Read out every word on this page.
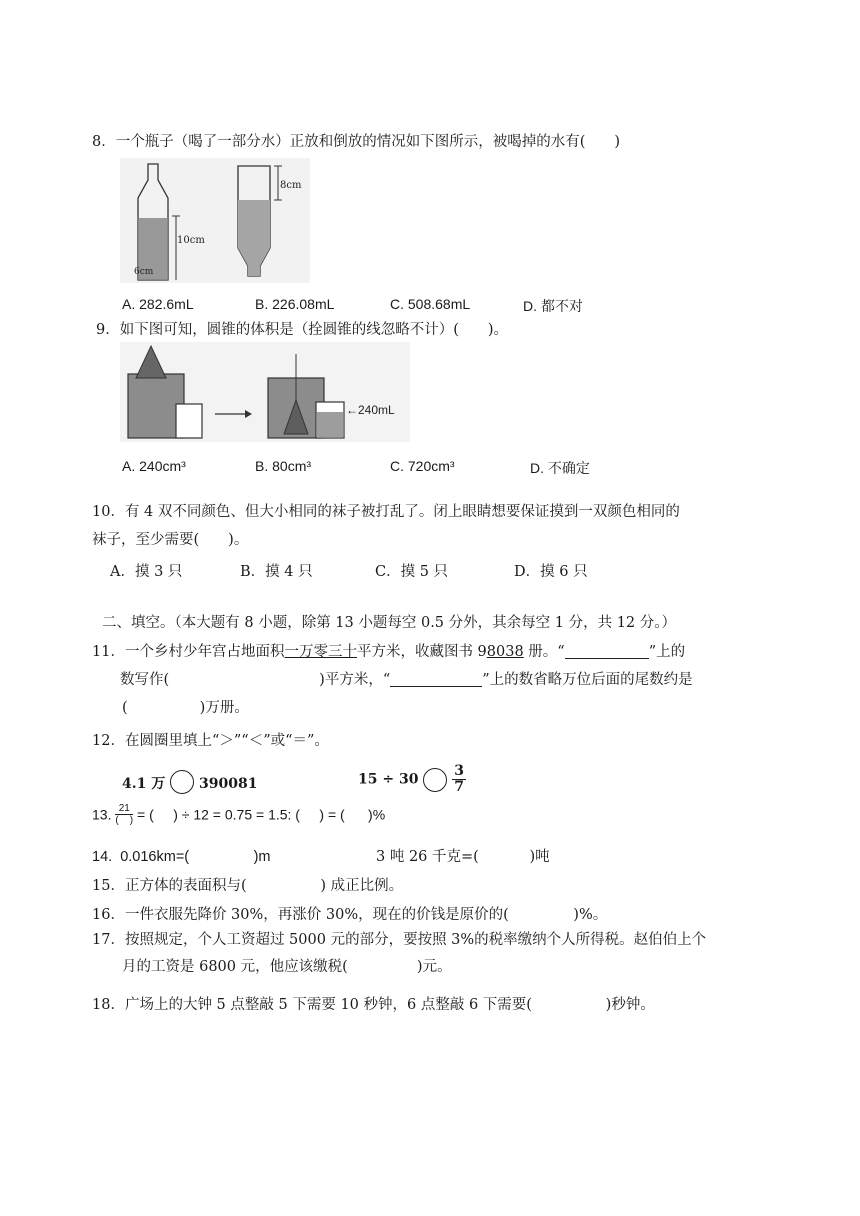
8．一个瓶子（喝了一部分水）正放和倒放的情况如下图所示，被喝掉的水有(　　)
10cm
6cm
8cm
A. 282.6mL	B. 226.08mL	C. 508.68mL	D. 都不对
9．如下图可知，圆锥的体积是（拴圆锥的线忽略不计）(　　)。
←240mL
A. 240cm³	B. 80cm³	C. 720cm³	D. 不确定
10．有 4 双不同颜色、但大小相同的袜子被打乱了。闭上眼睛想要保证摸到一双颜色相同的
袜子，至少需要(　　)。
A．摸 3 只	B．摸 4 只	C．摸 5 只	D．摸 6 只
二、填空。（本大题有 8 小题，除第 13 小题每空 0.5 分外，其余每空 1 分，共 12 分。）
11．一个乡村少年宫占地面积一万零三十平方米，收藏图书 98038 册。“	”上的
数写作(	)平方米，“	”上的数省略万位后面的尾数约是
(	)万册。
12．在圆圈里填上“＞”“＜”或“＝”。
4.1 万 390081	$15 \div 30 \frac{3}{7}$
13. 21
(    ) = (     ) ÷ 12 = 0.75 = 1.5: (     ) = (      )%
14.  0.016km=(                )m	3 吨 26 千克=(           )吨
15．正方体的表面积与(                ) 成正比例。
16．一件衣服先降价 30%，再涨价 30%，现在的价钱是原价的(              )%。
17．按照规定，个人工资超过 5000 元的部分，要按照 3%的税率缴纳个人所得税。赵伯伯上个
月的工资是 6800 元，他应该缴税(               )元。
18．广场上的大钟 5 点整敲 5 下需要 10 秒钟，6 点整敲 6 下需要(                )秒钟。
